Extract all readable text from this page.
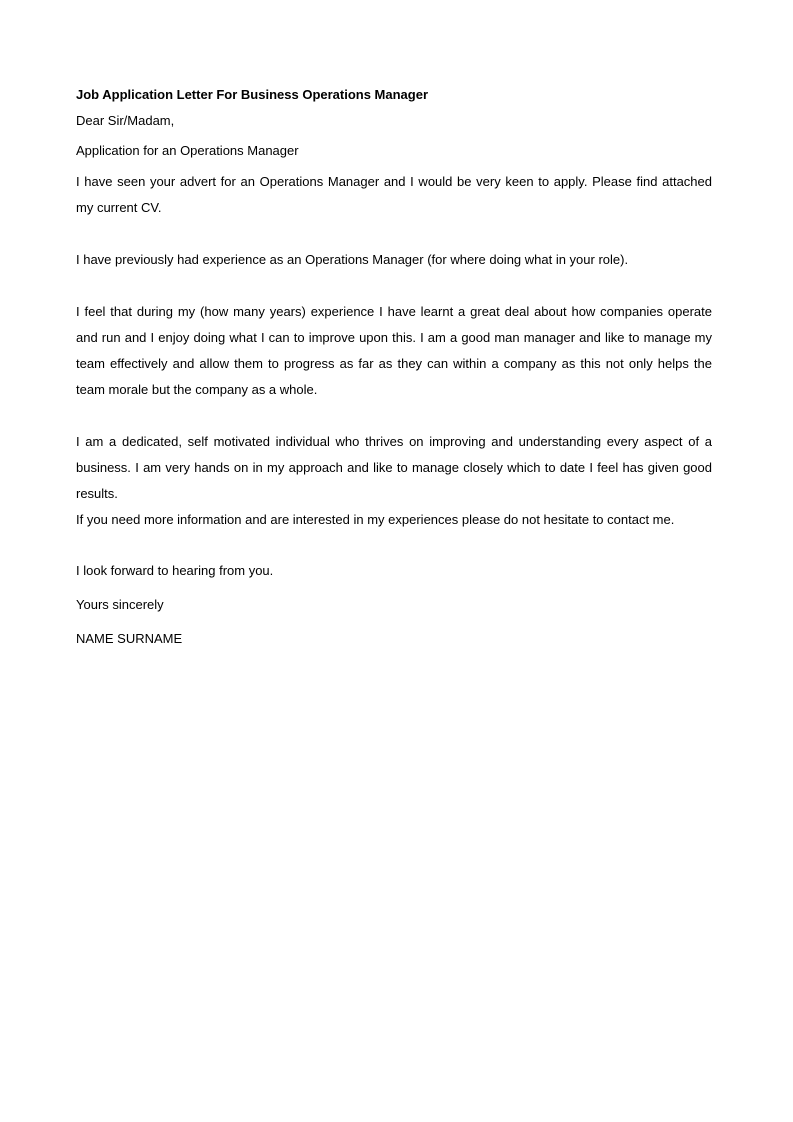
Job Application Letter For Business Operations Manager

Dear Sir/Madam,

Application for an Operations Manager

I have seen your advert for an Operations Manager and I would be very keen to apply. Please find attached my current CV.

I have previously had experience as an Operations Manager (for where doing what in your role).

I feel that during my (how many years) experience I have learnt a great deal about how companies operate and run and I enjoy doing what I can to improve upon this. I am a good man manager and like to manage my team effectively and allow them to progress as far as they can within a company as this not only helps the team morale but the company as a whole.

I am a dedicated, self motivated individual who thrives on improving and understanding every aspect of a business. I am very hands on in my approach and like to manage closely which to date I feel has given good results.

If you need more information and are interested in my experiences please do not hesitate to contact me.

I look forward to hearing from you.

Yours sincerely

NAME SURNAME
